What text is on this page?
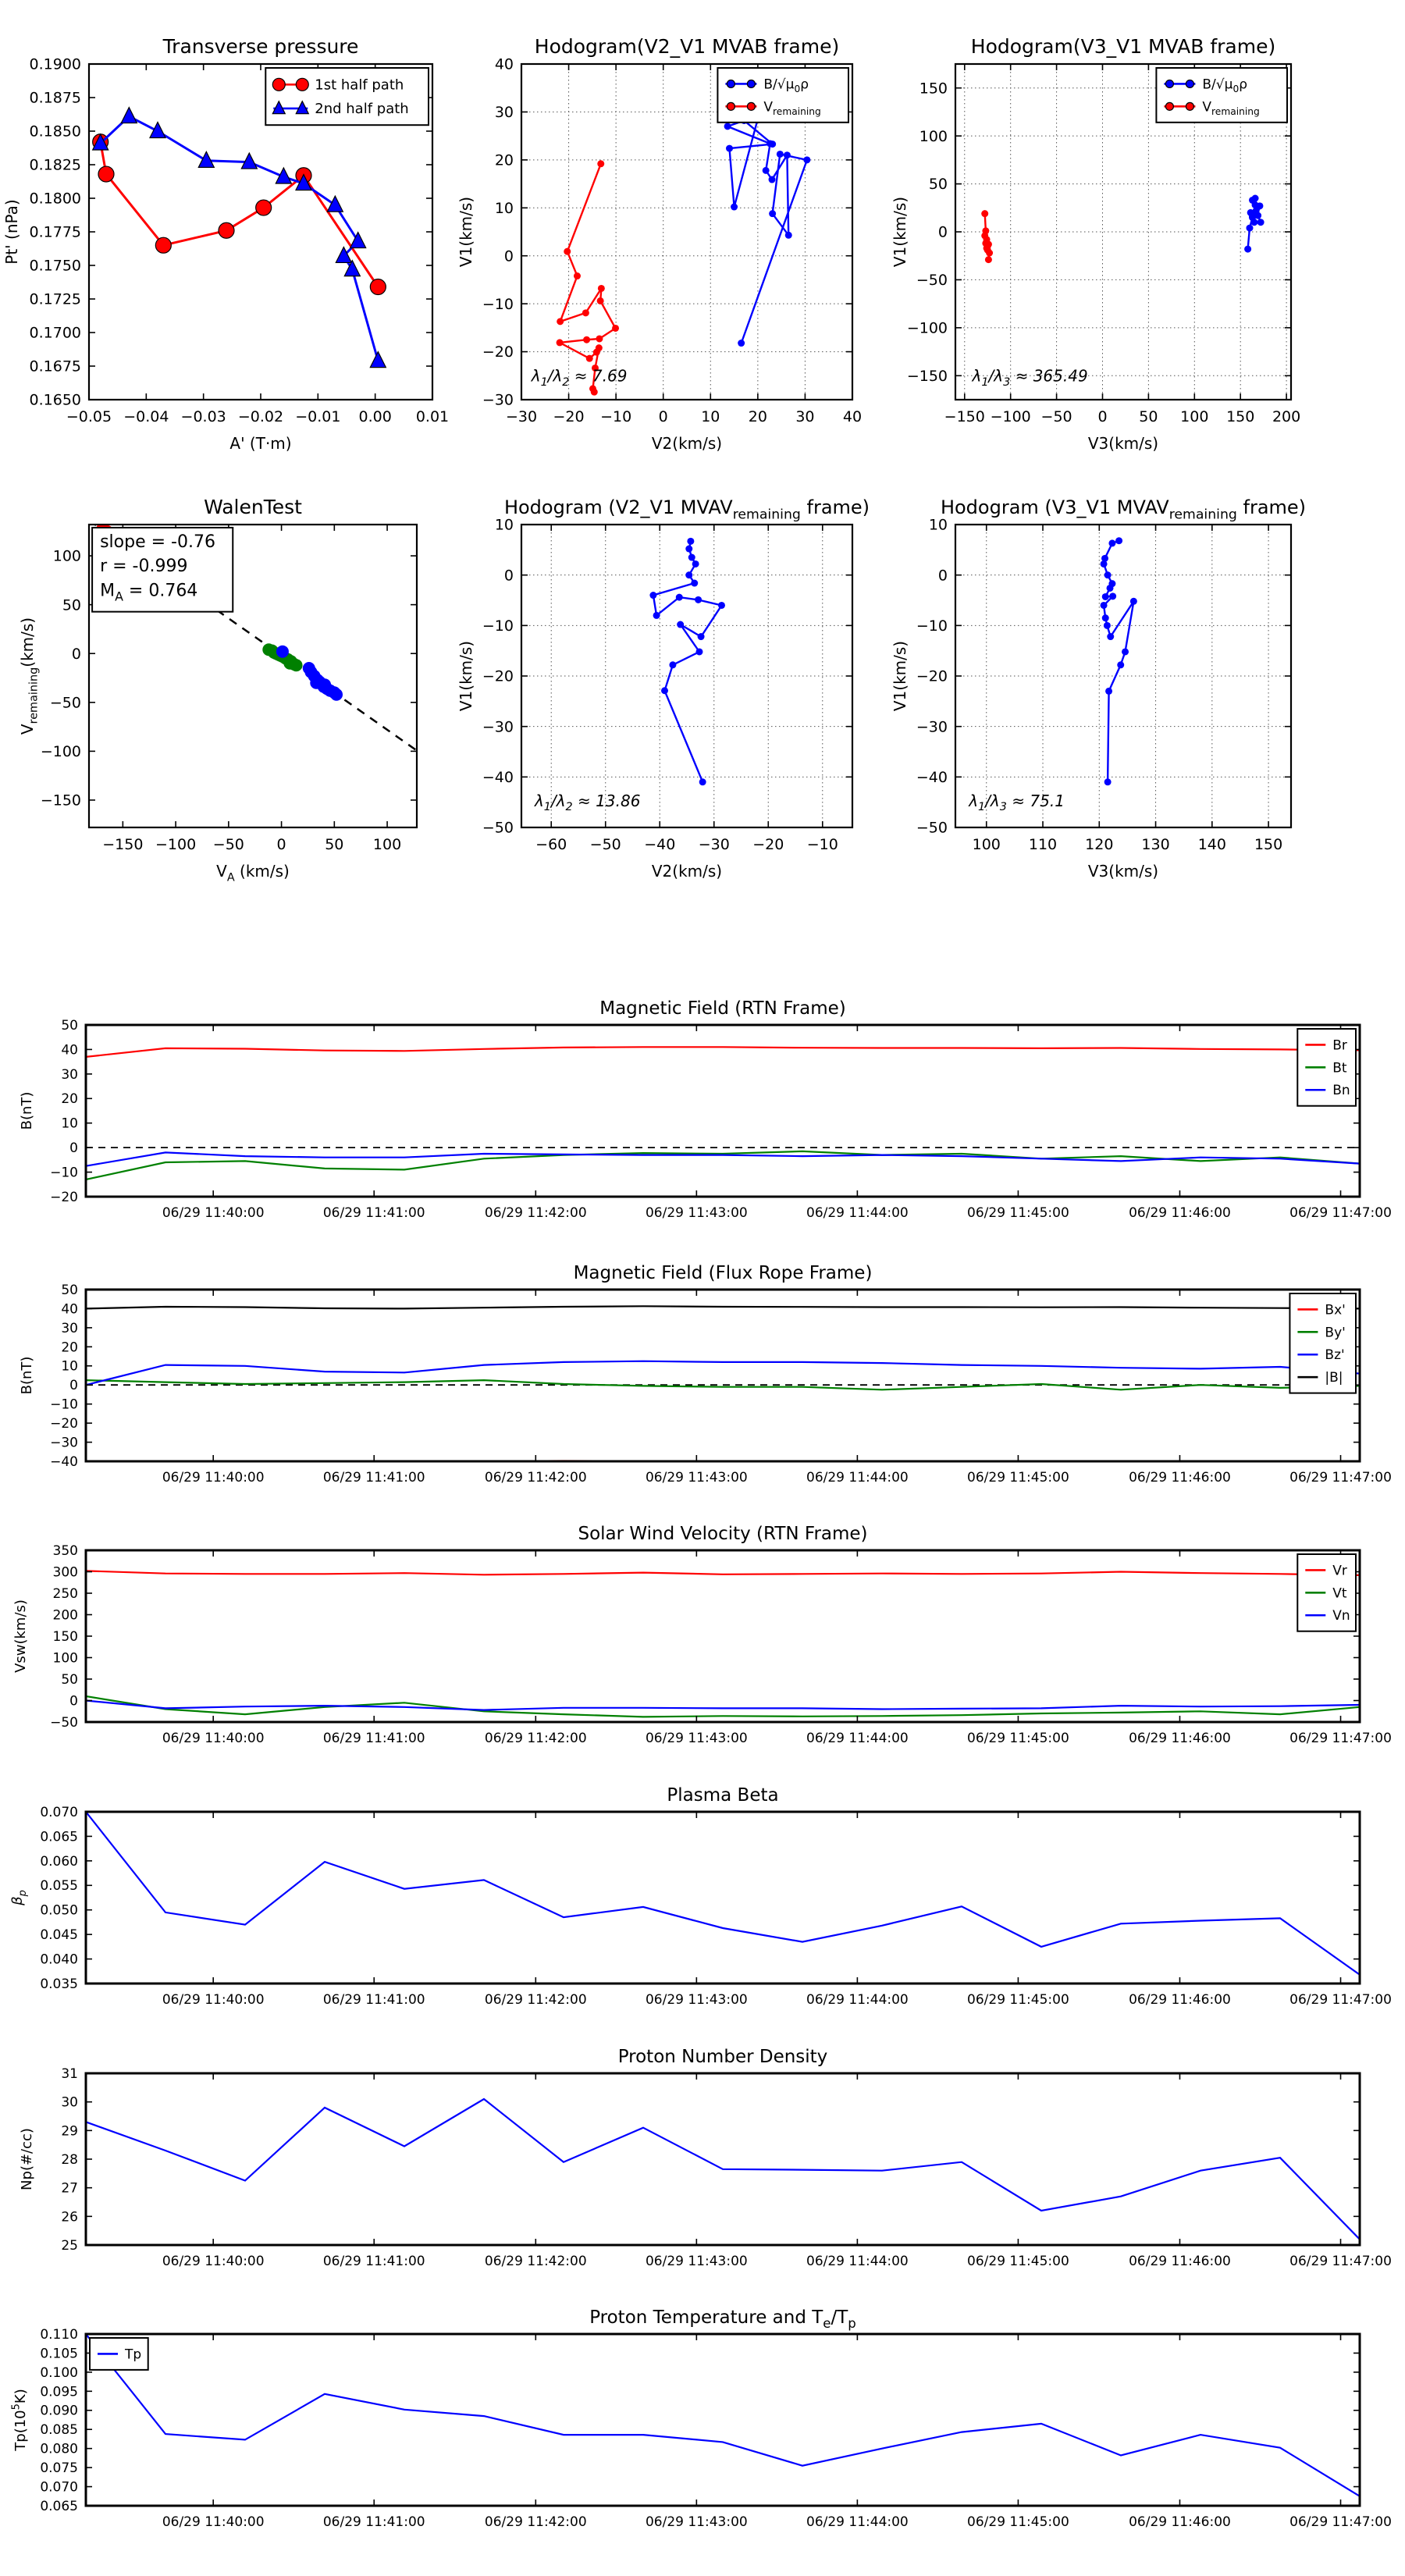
−0.05 −0.04 −0.03 −0.02 −0.01 0.00 0.01
0.1650
0.1675
0.1700
0.1725
0.1750
0.1775
0.1800
0.1825
0.1850
0.1875
0.1900
Transverse pressure
A' (T·m)
Pt' (nPa)
1st half path
2nd half path
−30 −20 −10 0 10 20 30 40
−30
−20
−10
0
10
20
30
40
Hodogram(V2_V1 MVAB frame)
V2(km/s)
V1(km/s)
$\lambda_1/\lambda_2 \approx 7.69$
$B/√\mu_0\rho$
$V_{remaining}$
−150 −100 −50 0 50 100 150 200
−150
−100
−50
0
50
100
150
Hodogram(V3_V1 MVAB frame)
V3(km/s)
V1(km/s)
$\lambda_1/\lambda_3 \approx 365.49$
$B/√\mu_0\rho$
$V_{remaining}$
−150 −100 −50 0	50 100
−150
−100
−50
0
50
100
WalenTest
$V_A$ (km/s)
$V_{remaining}(km/s)$
slope = -0.76
r = -0.999
$M_A = 0.764$
−60 −50 −40 −30 −20 −10
−50
−40
−30
−20
−10
0
10
Hodogram (V2_V1 $MVAV_{remaining}$ frame)
V2(km/s)
V1(km/s)
$\lambda_1/\lambda_2 \approx 13.86$
100 110 120 130 140 150
−50
−40
−30
−20
−10
0
10
Hodogram (V3_V1 $MVAV_{remaining}$ frame)
V3(km/s)
V1(km/s)
$\lambda_1/\lambda_3 \approx 75.1$
06/29 11:40:00	06/29 11:41:00	06/29 11:42:00	06/29 11:43:00	06/29 11:44:00	06/29 11:45:00	06/29 11:46:00	06/29 11:47:00
−20
−10
0
10
20
30
40
50
Magnetic Field (RTN Frame)
B(nT)
Br
Bt
Bn
06/29 11:40:00	06/29 11:41:00	06/29 11:42:00	06/29 11:43:00	06/29 11:44:00	06/29 11:45:00	06/29 11:46:00	06/29 11:47:00
−40
−30
−20
−10
0
10
20
30
40
50
Magnetic Field (Flux Rope Frame)
B(nT)
Bx'
By'
Bz'
|B|
06/29 11:40:00	06/29 11:41:00	06/29 11:42:00	06/29 11:43:00	06/29 11:44:00	06/29 11:45:00	06/29 11:46:00	06/29 11:47:00
−50
0
50
100
150
200
250
300
350
Solar Wind Velocity (RTN Frame)
Vsw(km/s)
Vr
Vt
Vn
06/29 11:40:00	06/29 11:41:00	06/29 11:42:00	06/29 11:43:00	06/29 11:44:00	06/29 11:45:00	06/29 11:46:00	06/29 11:47:00
0.035
0.040
0.045
0.050
0.055
0.060
0.065
0.070
Plasma Beta
$\beta_p$
06/29 11:40:00	06/29 11:41:00	06/29 11:42:00	06/29 11:43:00	06/29 11:44:00	06/29 11:45:00	06/29 11:46:00	06/29 11:47:00
25
26
27
28
29
30
31
Proton Number Density
Np(#/cc)
06/29 11:40:00	06/29 11:41:00	06/29 11:42:00	06/29 11:43:00	06/29 11:44:00	06/29 11:45:00	06/29 11:46:00	06/29 11:47:00
0.065
0.070
0.075
0.080
0.085
0.090
0.095
0.100
0.105
0.110
Proton Temperature and $T_e/T_p$
$Tp(10^5K)$
Tp
